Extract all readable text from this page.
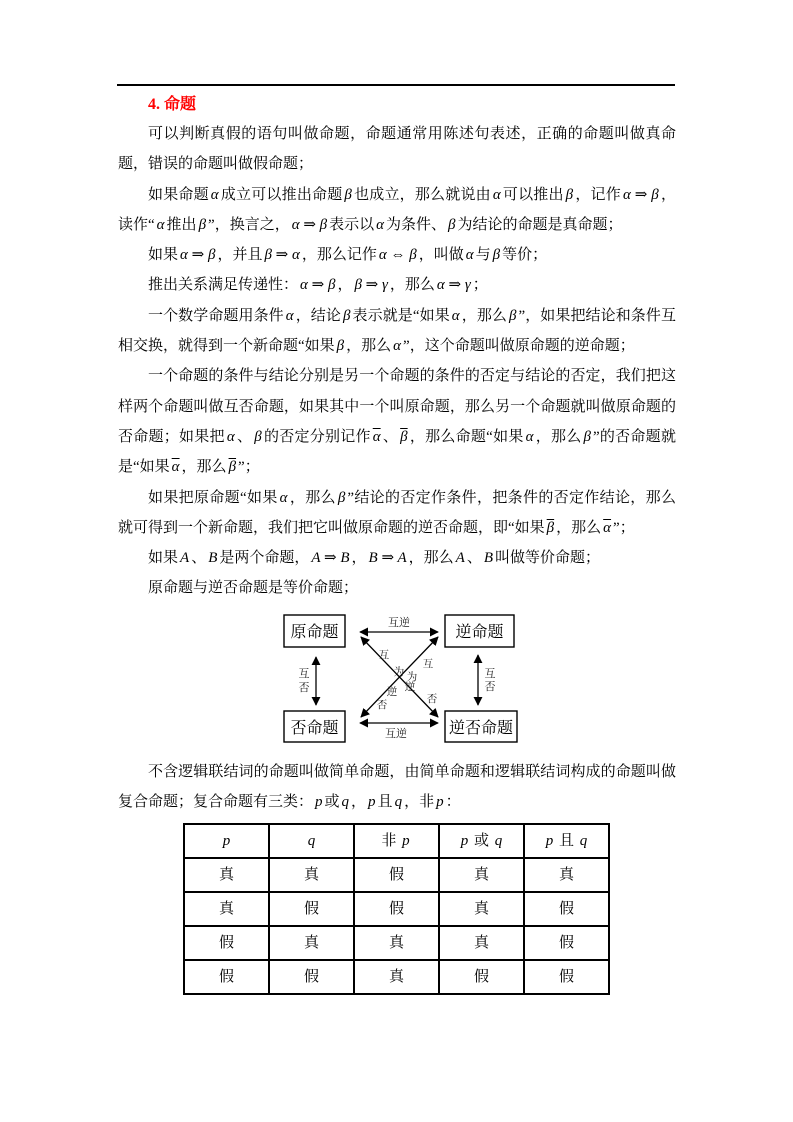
4. 命题

可以判断真假的语句叫做命题，命题通常用陈述句表述，正确的命题叫做真命题，错误的命题叫做假命题；

如果命题 α 成立可以推出命题 β 也成立，那么就说由 α 可以推出 β ，记作 α ⇒ β ，读作“ α 推出 β ”，换言之， α ⇒ β 表示以 α 为条件、 β 为结论的命题是真命题；

如果 α ⇒ β ，并且 β ⇒ α ，那么记作 α ⇔ β ，叫做 α 与 β 等价；

推出关系满足传递性： α ⇒ β ， β ⇒ γ ，那么 α ⇒ γ ；

一个数学命题用条件 α ，结论 β 表示就是“如果 α ，那么 β ”，如果把结论和条件互相交换，就得到一个新命题“如果 β ，那么 α ”，这个命题叫做原命题的逆命题；

一个命题的条件与结论分别是另一个命题的条件的否定与结论的否定，我们把这样两个命题叫做互否命题，如果其中一个叫原命题，那么另一个命题就叫做原命题的否命题；如果把 α 、 β 的否定分别记作 $\overline{\alpha}$ 、 $\overline{\beta}$ ，那么命题“如果 α ，那么 β ”的否命题就是“如果 $\overline{\alpha}$ ，那么 $\overline{\beta}$ ”；

如果把原命题“如果 α ，那么 β ”结论的否定作条件，把条件的否定作结论，那么就可得到一个新命题，我们把它叫做原命题的逆否命题，即“如果 $\overline{\beta}$ ，那么 $\overline{\alpha}$ ”；

如果 A 、 B 是两个命题， A ⇒ B ， B ⇒ A ，那么 A 、 B 叫做等价命题；

原命题与逆否命题是等价命题；

原命题	逆命题
否命题	逆否命题
互逆
互逆
互
否
互
否
互
为
逆
否
互
为
逆
否

不含逻辑联结词的命题叫做简单命题，由简单命题和逻辑联结词构成的命题叫做复合命题；复合命题有三类： p 或 q ， p 且 q ，非 p ：

p	q	非 p	p 或 q	p 且 q
真	真	假	真	真
真	假	假	真	假
假	真	真	真	假
假	假	真	假	假
